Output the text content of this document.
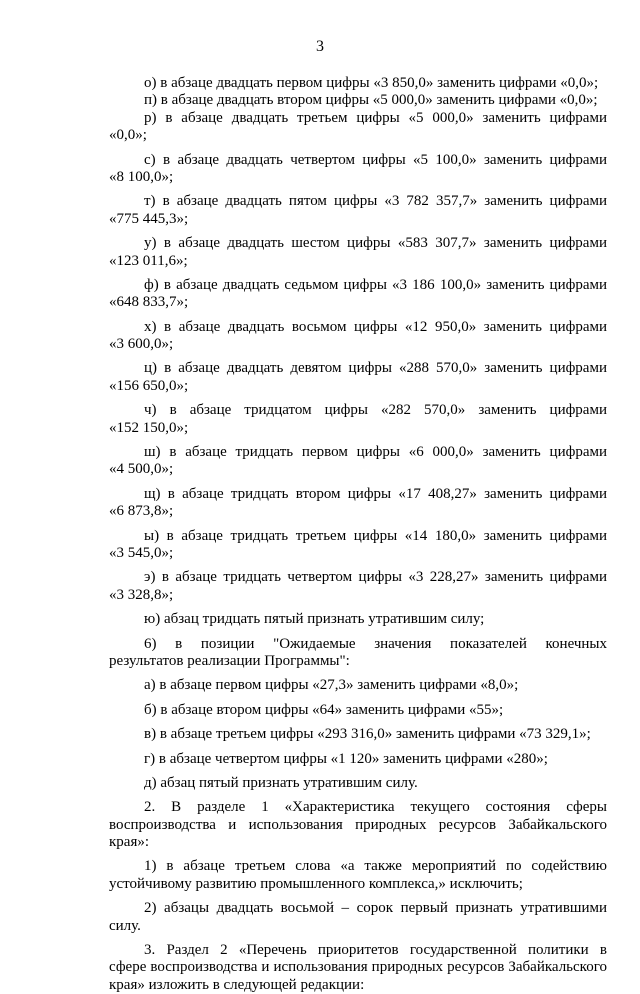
3
о) в абзаце двадцать первом цифры «3 850,0» заменить цифрами «0,0»;
п) в абзаце двадцать втором цифры «5 000,0» заменить цифрами «0,0»;
р) в абзаце двадцать третьем цифры «5 000,0» заменить цифрами
«0,0»;
с) в абзаце двадцать четвертом цифры «5 100,0» заменить цифрами
«8 100,0»;
т) в абзаце двадцать пятом цифры «3 782 357,7» заменить цифрами
«775 445,3»;
у) в абзаце двадцать шестом цифры «583 307,7» заменить цифрами
«123 011,6»;
ф) в абзаце двадцать седьмом цифры «3 186 100,0» заменить цифрами
«648 833,7»;
х) в абзаце двадцать восьмом цифры «12 950,0» заменить цифрами
«3 600,0»;
ц) в абзаце двадцать девятом цифры «288 570,0» заменить цифрами
«156 650,0»;
ч) в абзаце тридцатом цифры «282 570,0» заменить цифрами
«152 150,0»;
ш) в абзаце тридцать первом цифры «6 000,0» заменить цифрами
«4 500,0»;
щ) в абзаце тридцать втором цифры «17 408,27» заменить цифрами
«6 873,8»;
ы) в абзаце тридцать третьем цифры «14 180,0» заменить цифрами
«3 545,0»;
э) в абзаце тридцать четвертом цифры «3 228,27» заменить цифрами
«3 328,8»;
ю) абзац тридцать пятый признать утратившим силу;
6) в позиции "Ожидаемые значения показателей конечных
результатов реализации Программы":
а) в абзаце первом цифры «27,3» заменить цифрами «8,0»;
б) в абзаце втором цифры «64» заменить цифрами «55»;
в) в абзаце третьем цифры «293 316,0» заменить цифрами «73 329,1»;
г) в абзаце четвертом цифры «1 120» заменить цифрами «280»;
д) абзац пятый признать утратившим силу.
2. В разделе 1 «Характеристика текущего состояния сферы
воспроизводства и использования природных ресурсов Забайкальского
края»:
1) в абзаце третьем слова «а также мероприятий по содействию
устойчивому развитию промышленного комплекса,» исключить;
2) абзацы двадцать восьмой – сорок первый признать утратившими
силу.
3. Раздел 2 «Перечень приоритетов государственной политики в
сфере воспроизводства и использования природных ресурсов Забайкальского
края» изложить в следующей редакции:
